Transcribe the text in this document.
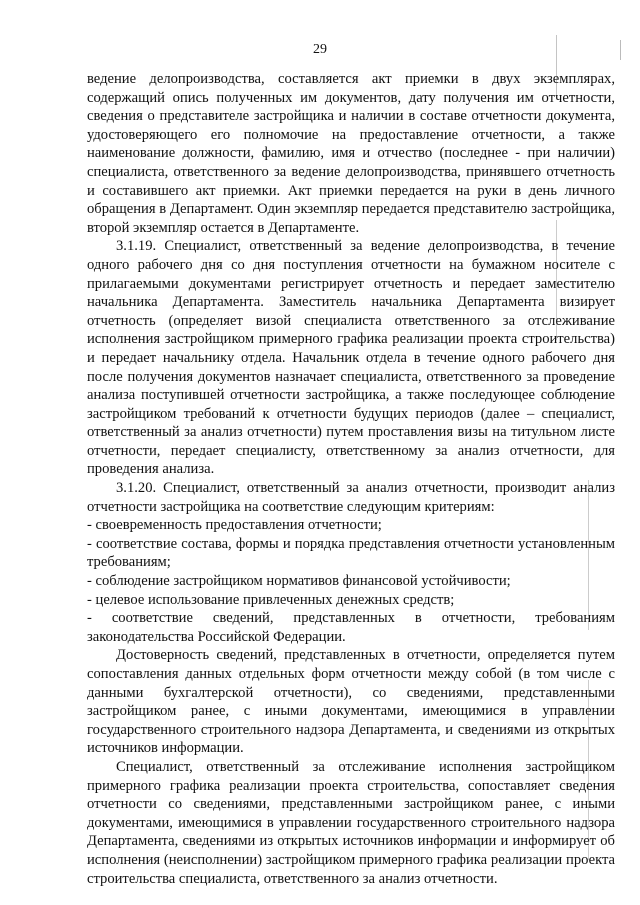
29

ведение делопроизводства, составляется акт приемки в двух экземплярах, содержащий опись полученных им документов, дату получения им отчетности, сведения о представителе застройщика и наличии в составе отчетности документа, удостоверяющего его полномочие на предоставление отчетности, а также наименование должности, фамилию, имя и отчество (последнее - при наличии) специалиста, ответственного за ведение делопроизводства, принявшего отчетность и составившего акт приемки. Акт приемки передается на руки в день личного обращения в Департамент. Один экземпляр передается представителю застройщика, второй экземпляр остается в Департаменте.

3.1.19. Специалист, ответственный за ведение делопроизводства, в течение одного рабочего дня со дня поступления отчетности на бумажном носителе с прилагаемыми документами регистрирует отчетность и передает заместителю начальника Департамента. Заместитель начальника Департамента визирует отчетность (определяет визой специалиста ответственного за отслеживание исполнения застройщиком примерного графика реализации проекта строительства) и передает начальнику отдела. Начальник отдела в течение одного рабочего дня после получения документов назначает специалиста, ответственного за проведение анализа поступившей отчетности застройщика, а также последующее соблюдение застройщиком требований к отчетности будущих периодов (далее – специалист, ответственный за анализ отчетности) путем проставления визы на титульном листе отчетности, передает специалисту, ответственному за анализ отчетности, для проведения анализа.

3.1.20. Специалист, ответственный за анализ отчетности, производит анализ отчетности застройщика на соответствие следующим критериям:

- своевременность предоставления отчетности;

- соответствие состава, формы и порядка представления отчетности установленным требованиям;

- соблюдение застройщиком нормативов финансовой устойчивости;

- целевое использование привлеченных денежных средств;

- соответствие сведений, представленных в отчетности, требованиям законодательства Российской Федерации.

Достоверность сведений, представленных в отчетности, определяется путем сопоставления данных отдельных форм отчетности между собой (в том числе с данными бухгалтерской отчетности), со сведениями, представленными застройщиком ранее, с иными документами, имеющимися в управлении государственного строительного надзора Департамента, и сведениями из открытых источников информации.

Специалист, ответственный за отслеживание исполнения застройщиком примерного графика реализации проекта строительства, сопоставляет сведения отчетности со сведениями, представленными застройщиком ранее, с иными документами, имеющимися в управлении государственного строительного надзора Департамента, сведениями из открытых источников информации и информирует об исполнения (неисполнении) застройщиком примерного графика реализации проекта строительства специалиста, ответственного за анализ отчетности.
